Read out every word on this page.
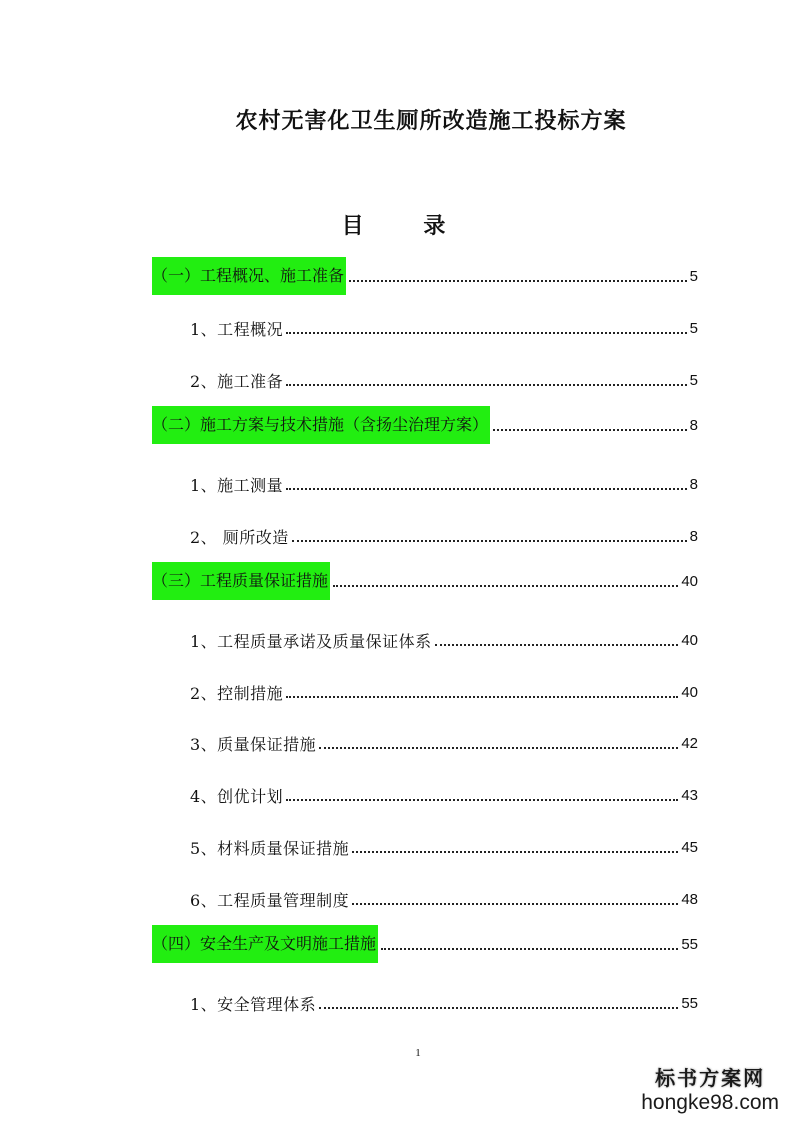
农村无害化卫生厕所改造施工投标方案
目 录
（一）工程概况、施工准备	5
1、工程概况	5
2、施工准备	5
（二）施工方案与技术措施（含扬尘治理方案）	8
1、施工测量	8
2、 厕所改造	8
（三）工程质量保证措施	40
1、工程质量承诺及质量保证体系	40
2、控制措施	40
3、质量保证措施	42
4、创优计划	43
5、材料质量保证措施	45
6、工程质量管理制度	48
（四）安全生产及文明施工措施	55
1、安全管理体系	55
1
标书方案网
hongke98.com
